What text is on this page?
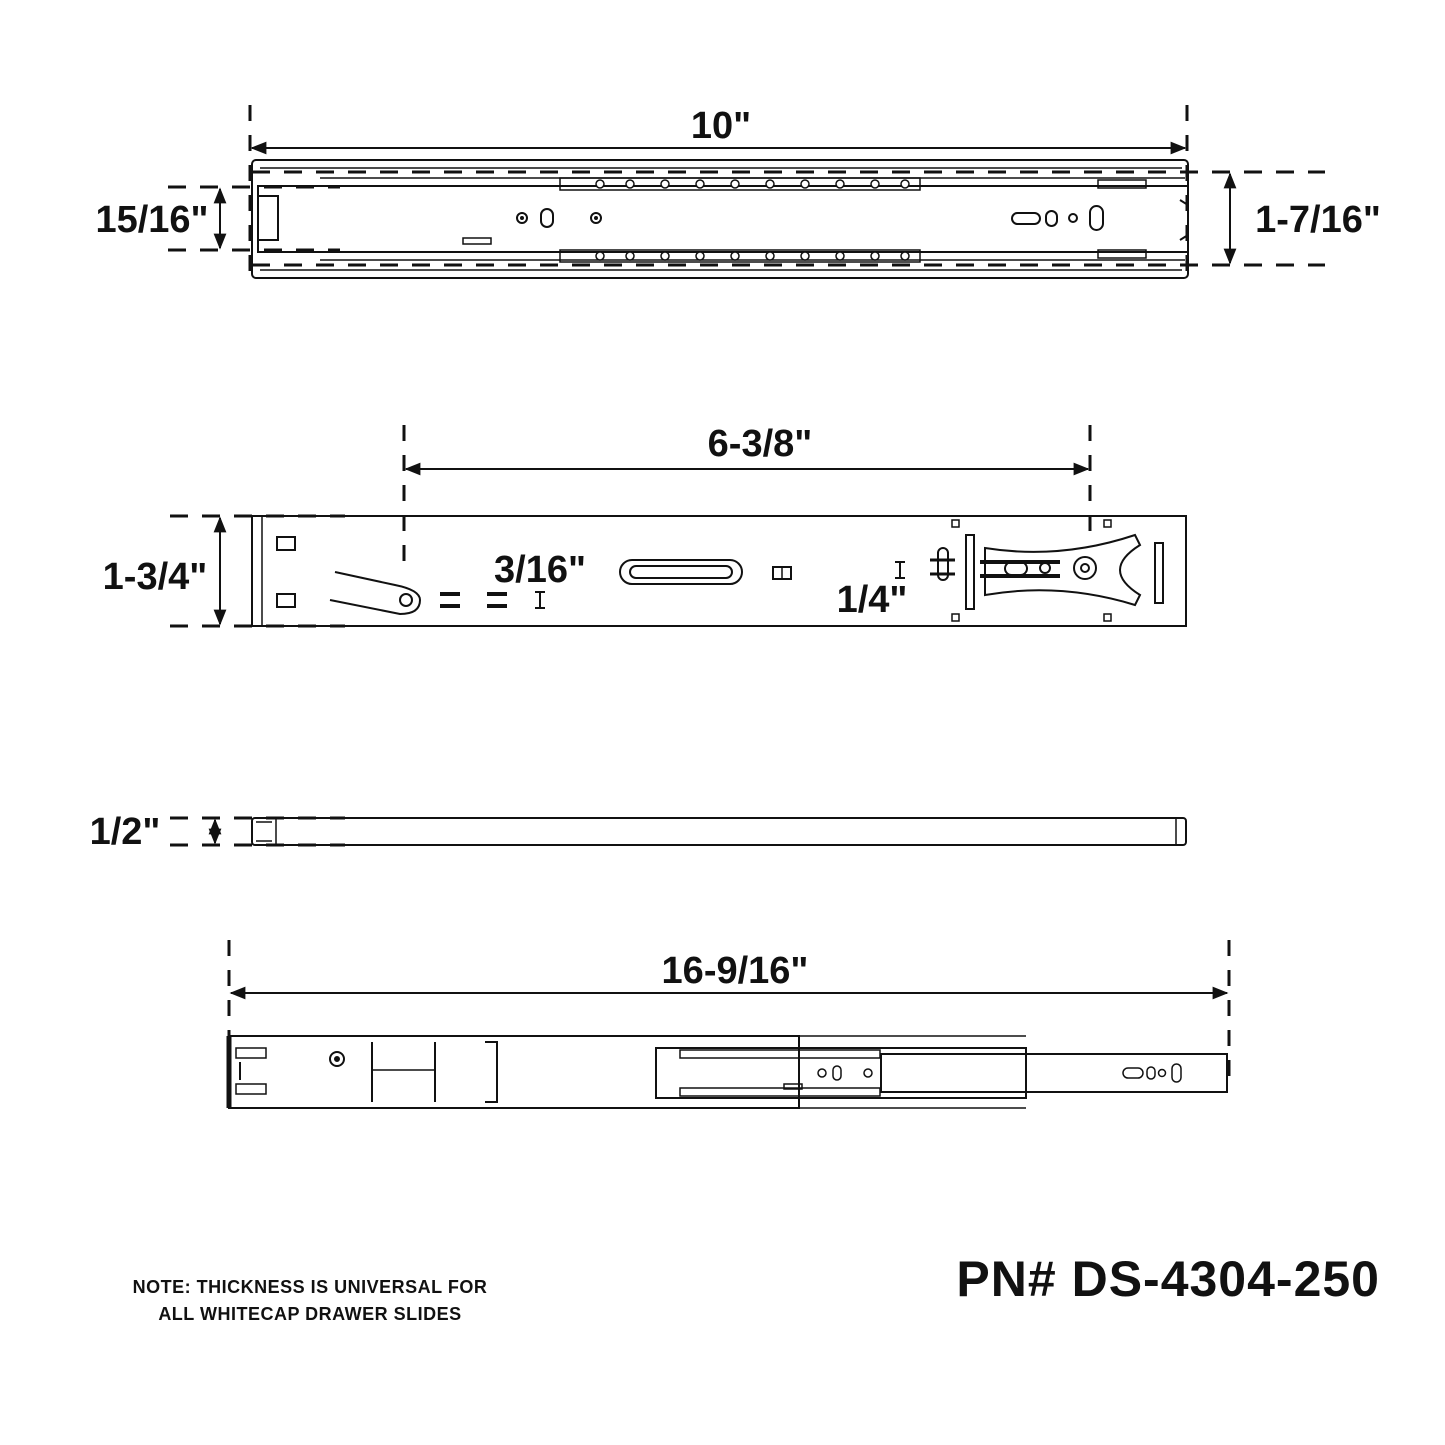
10"
15/16"	1-7/16"
6-3/8"
1-3/4"	3/16"
1/4"
1/2"
16-9/16"
NOTE: THICKNESS IS UNIVERSAL FOR
ALL WHITECAP DRAWER SLIDES
PN# DS-4304-250
